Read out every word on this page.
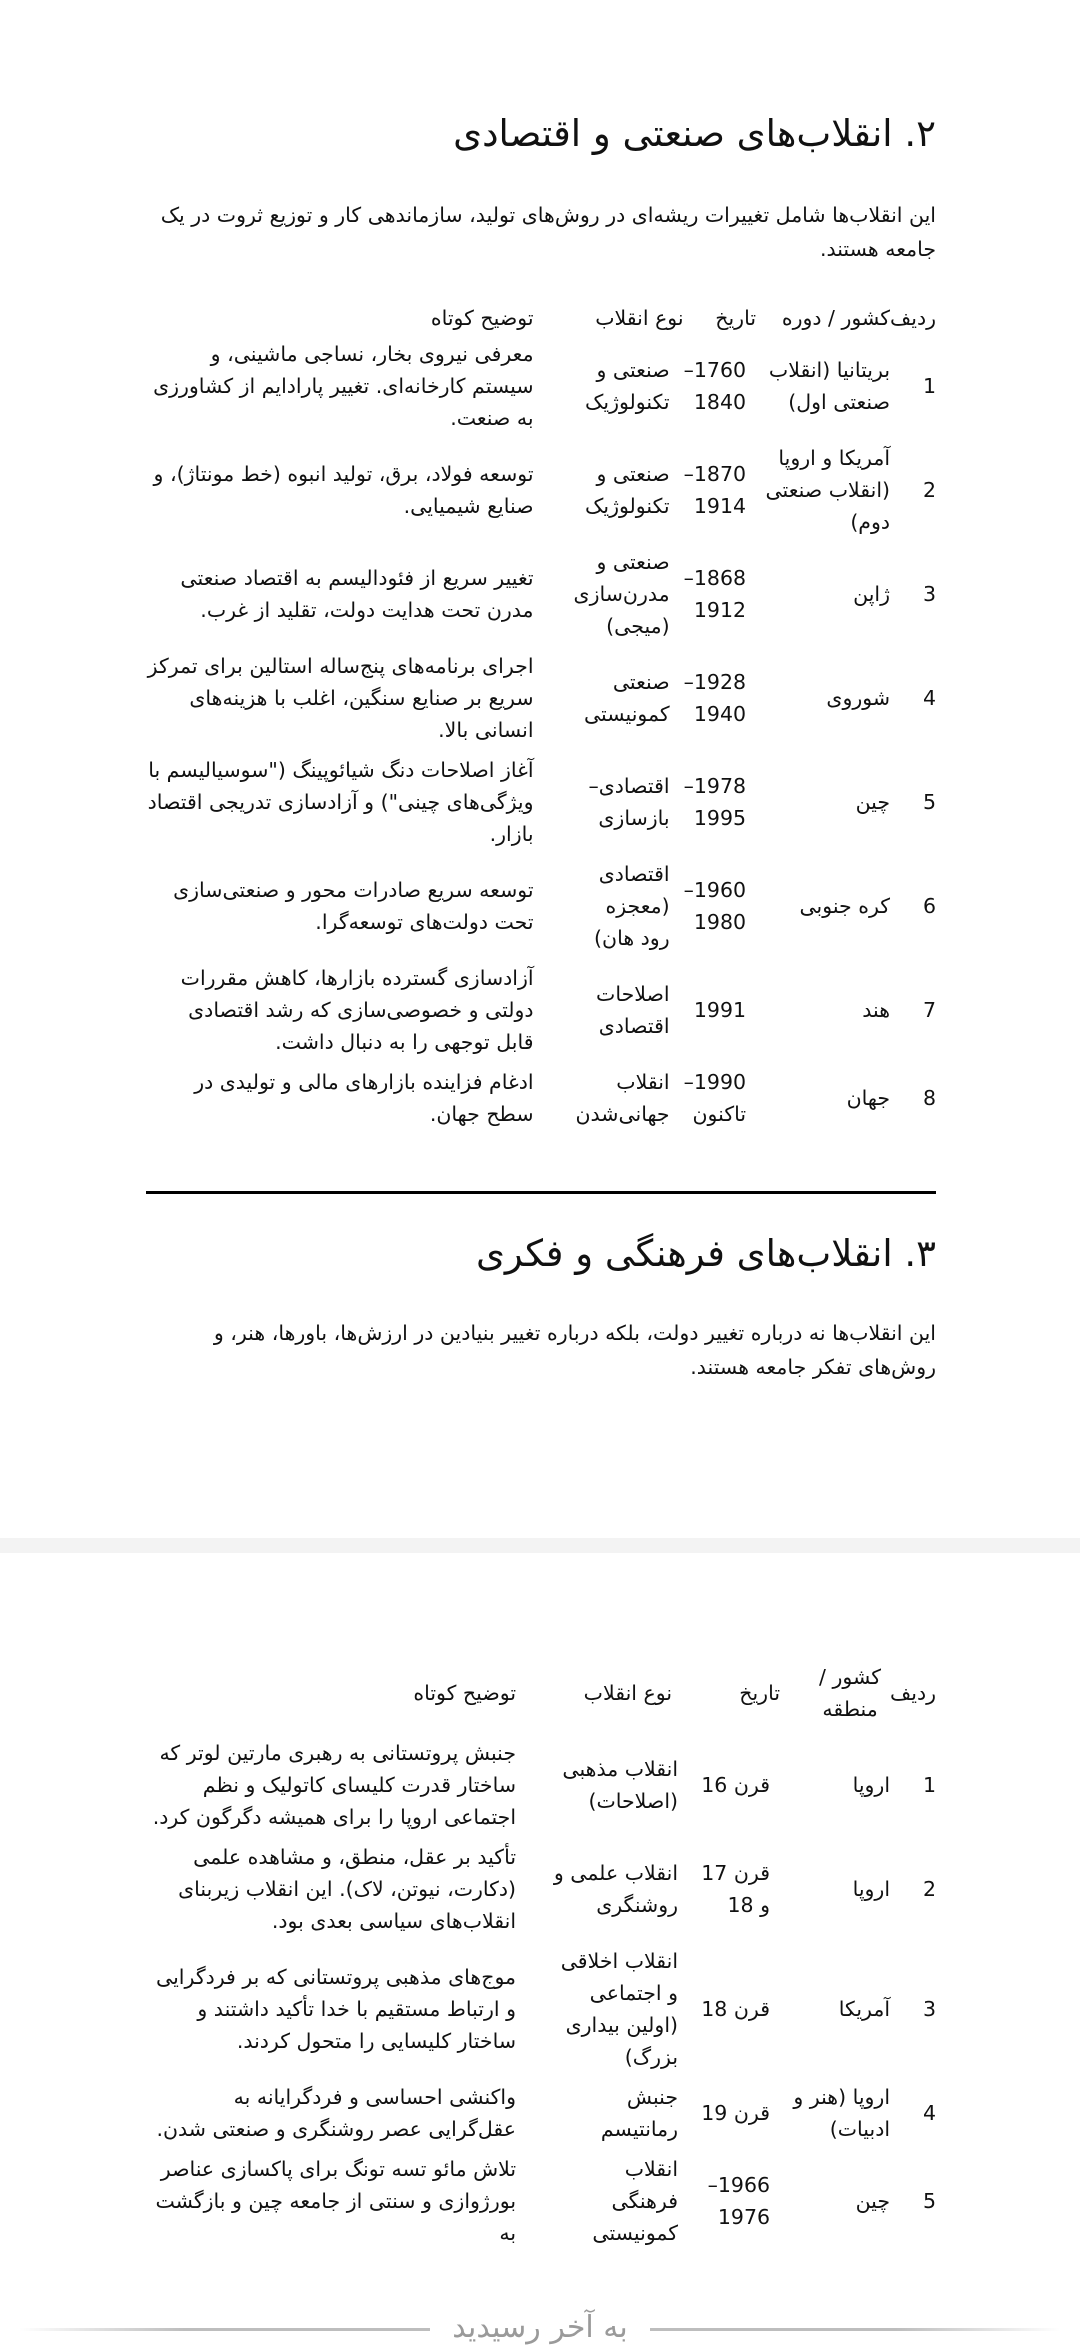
۲. انقلاب‌های صنعتی و اقتصادی

این انقلاب‌ها شامل تغییرات ریشه‌ای در روش‌های تولید، سازماندهی کار و توزیع ثروت در یک جامعه هستند.

ردیف	کشور / دوره	تاریخ	نوع انقلاب	توضیح کوتاه
1	بریتانیا (انقلاب صنعتی اول)	1760–1840	صنعتی و تکنولوژیک	معرفی نیروی بخار، نساجی ماشینی، و سیستم کارخانه‌ای. تغییر پارادایم از کشاورزی به صنعت.
2	آمریکا و اروپا (انقلاب صنعتی دوم)	1870–1914	صنعتی و تکنولوژیک	توسعه فولاد، برق، تولید انبوه (خط مونتاژ)، و صنایع شیمیایی.
3	ژاپن	1868–1912	صنعتی و مدرن‌سازی (میجی)	تغییر سریع از فئودالیسم به اقتصاد صنعتی مدرن تحت هدایت دولت، تقلید از غرب.
4	شوروی	1928–1940	صنعتی کمونیستی	اجرای برنامه‌های پنج‌ساله استالین برای تمرکز سریع بر صنایع سنگین، اغلب با هزینه‌های انسانی بالا.
5	چین	1978–1995	اقتصادی–بازسازی	آغاز اصلاحات دنگ شیائوپینگ ("سوسیالیسم با ویژگی‌های چینی") و آزادسازی تدریجی اقتصاد بازار.
6	کره جنوبی	1960–1980	اقتصادی (معجزه رود هان)	توسعه سریع صادرات محور و صنعتی‌سازی تحت دولت‌های توسعه‌گرا.
7	هند	1991	اصلاحات اقتصادی	آزادسازی گسترده بازارها، کاهش مقررات دولتی و خصوصی‌سازی که رشد اقتصادی قابل توجهی را به دنبال داشت.
8	جهان	1990–تاکنون	انقلاب جهانی‌شدن	ادغام فزاینده بازارهای مالی و تولیدی در سطح جهان.
۳. انقلاب‌های فرهنگی و فکری

این انقلاب‌ها نه درباره تغییر دولت، بلکه درباره تغییر بنیادین در ارزش‌ها، باورها، هنر، و روش‌های تفکر جامعه هستند.

ردیف	کشور / منطقه	تاریخ	نوع انقلاب	توضیح کوتاه
1	اروپا	قرن 16	انقلاب مذهبی (اصلاحات)	جنبش پروتستانی به رهبری مارتین لوتر که ساختار قدرت کلیسای کاتولیک و نظم اجتماعی اروپا را برای همیشه دگرگون کرد.
2	اروپا	قرن 17 و 18	انقلاب علمی و روشنگری	تأکید بر عقل، منطق، و مشاهده علمی (دکارت، نیوتن، لاک). این انقلاب زیربنای انقلاب‌های سیاسی بعدی بود.
3	آمریکا	قرن 18	انقلاب اخلاقی و اجتماعی (اولین بیداری بزرگ)	موج‌های مذهبی پروتستانی که بر فردگرایی و ارتباط مستقیم با خدا تأکید داشتند و ساختار کلیسایی را متحول کردند.
4	اروپا (هنر و ادبیات)	قرن 19	جنبش رمانتیسم	واکنشی احساسی و فردگرایانه به عقل‌گرایی عصر روشنگری و صنعتی شدن.
5	چین	1966–1976	انقلاب فرهنگی کمونیستی	تلاش مائو تسه تونگ برای پاکسازی عناصر بورژوازی و سنتی از جامعه چین و بازگشت به
به آخر رسیدید
